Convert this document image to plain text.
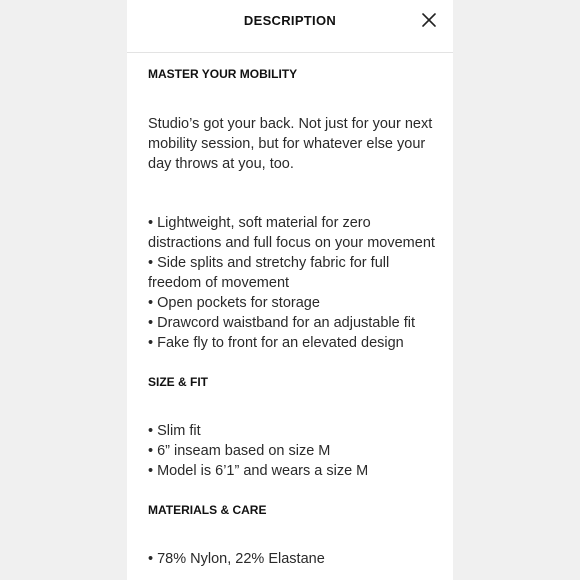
DESCRIPTION
MASTER YOUR MOBILITY
Studio’s got your back. Not just for your next mobility session, but for whatever else your day throws at you, too.
• Lightweight, soft material for zero distractions and full focus on your movement
• Side splits and stretchy fabric for full freedom of movement
• Open pockets for storage
• Drawcord waistband for an adjustable fit
• Fake fly to front for an elevated design
SIZE & FIT
• Slim fit
• 6” inseam based on size M
• Model is 6’1” and wears a size M
MATERIALS & CARE
• 78% Nylon, 22% Elastane
